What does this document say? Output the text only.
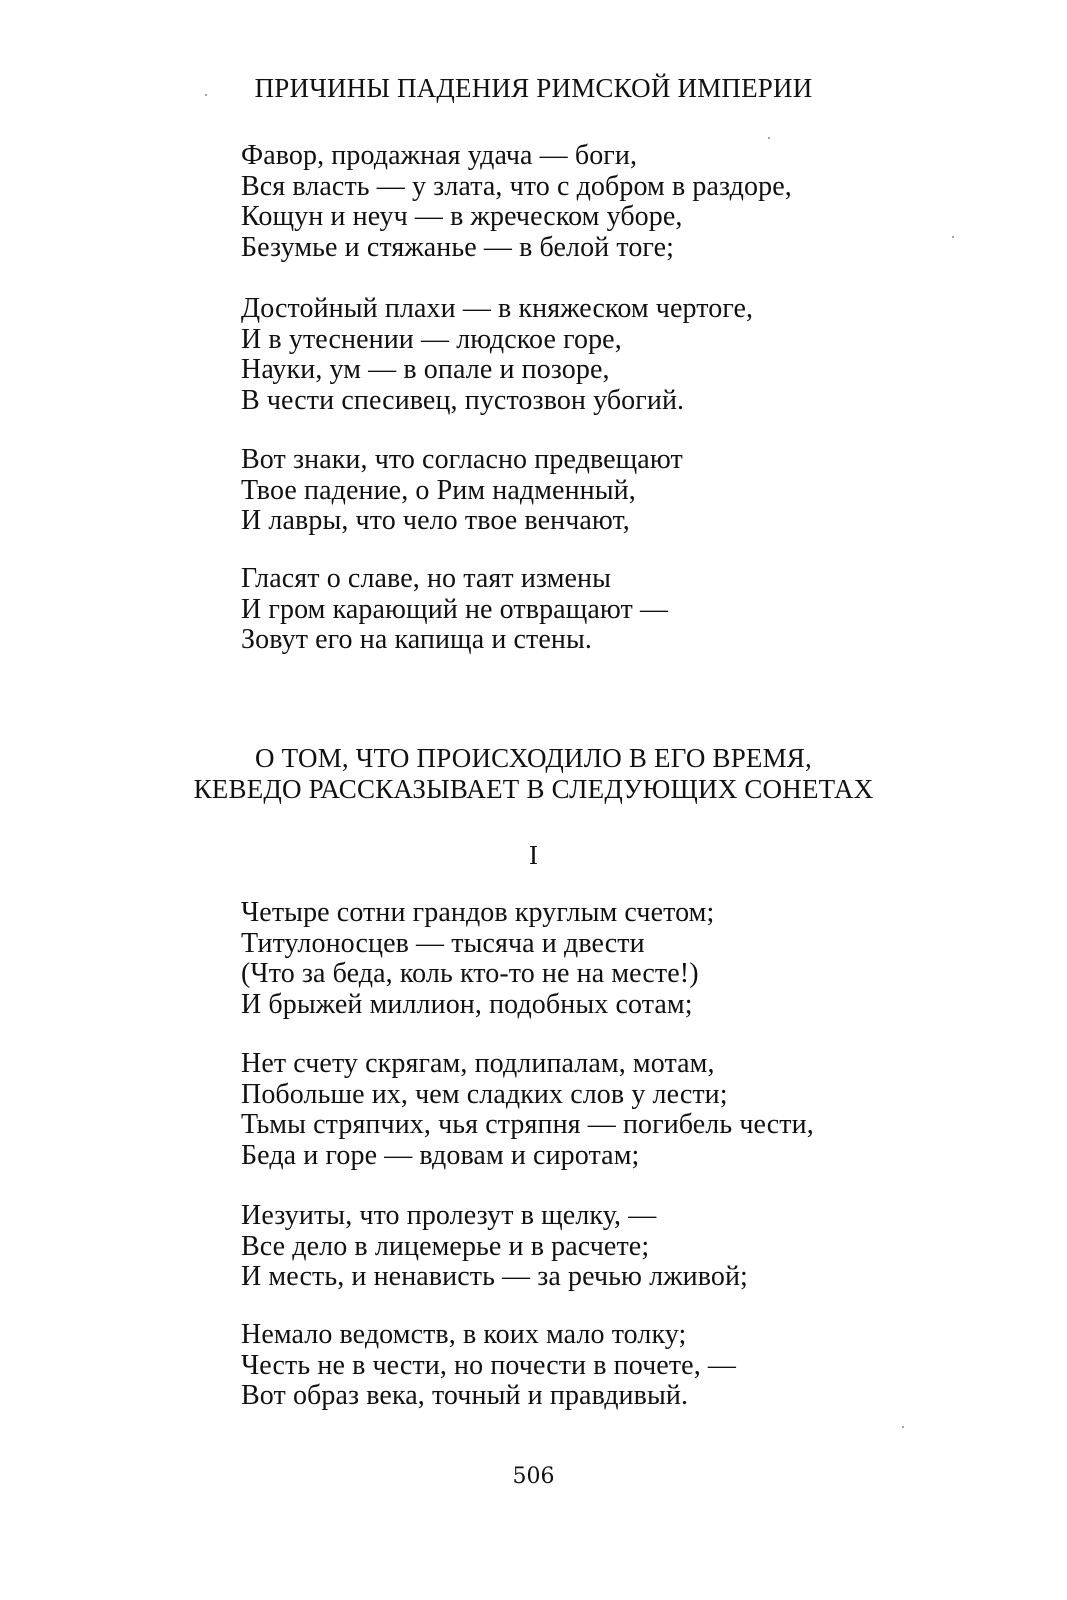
ПРИЧИНЫ ПАДЕНИЯ РИМСКОЙ ИМПЕРИИ
Фавор, продажная удача — боги,
Вся власть — у злата, что с добром в раздоре,
Кощун и неуч — в жреческом уборе,
Безумье и стяжанье — в белой тоге;
Достойный плахи — в княжеском чертоге,
И в утеснении — людское горе,
Науки, ум — в опале и позоре,
В чести спесивец, пустозвон убогий.
Вот знаки, что согласно предвещают
Твое падение, о Рим надменный,
И лавры, что чело твое венчают,
Гласят о славе, но таят измены
И гром карающий не отвращают —
Зовут его на капища и стены.
О ТОМ, ЧТО ПРОИСХОДИЛО В ЕГО ВРЕМЯ,
КЕВЕДО РАССКАЗЫВАЕТ В СЛЕДУЮЩИХ СОНЕТАХ
I
Четыре сотни грандов круглым счетом;
Титулоносцев — тысяча и двести
(Что за беда, коль кто-то не на месте!)
И брыжей миллион, подобных сотам;
Нет счету скрягам, подлипалам, мотам,
Побольше их, чем сладких слов у лести;
Тьмы стряпчих, чья стряпня — погибель чести,
Беда и горе — вдовам и сиротам;
Иезуиты, что пролезут в щелку, —
Все дело в лицемерье и в расчете;
И месть, и ненависть — за речью лживой;
Немало ведомств, в коих мало толку;
Честь не в чести, но почести в почете, —
Вот образ века, точный и правдивый.
506
